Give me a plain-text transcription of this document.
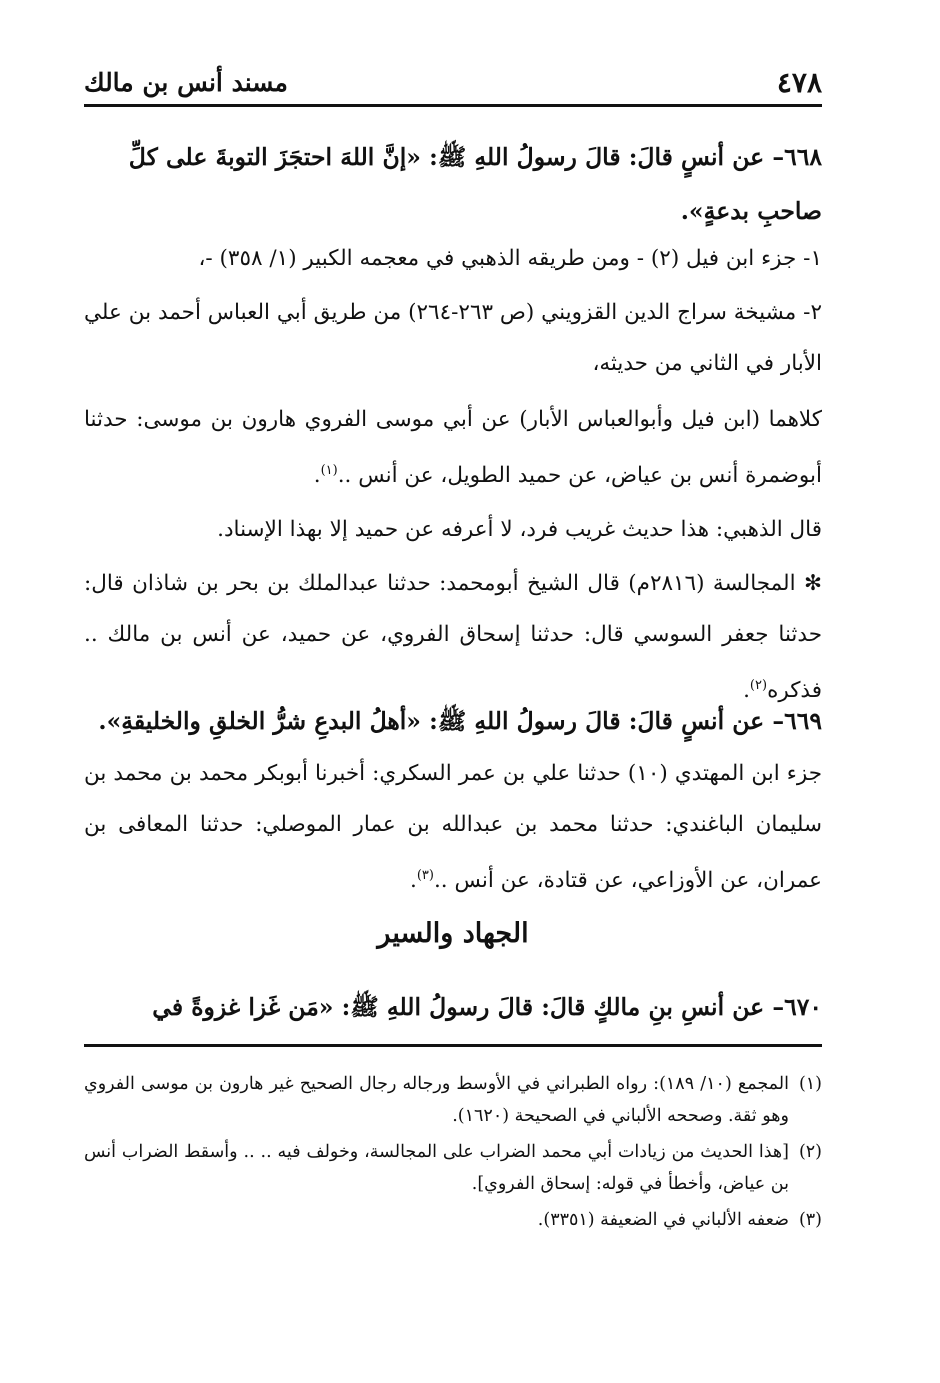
٤٧٨
مسند أنس بن مالك
٦٦٨– عن أنسٍ قالَ: قالَ رسولُ اللهِ ﷺ: «إنَّ اللهَ احتجَزَ التوبةَ على كلِّ صاحبِ بدعةٍ».
١- جزء ابن فيل (٢) - ومن طريقه الذهبي في معجمه الكبير (١/ ٣٥٨) -،
٢- مشيخة سراج الدين القزويني (ص ٢٦٣-٢٦٤) من طريق أبي العباس أحمد بن علي الأبار في الثاني من حديثه،
كلاهما (ابن فيل وأبوالعباس الأبار) عن أبي موسى الفروي هارون بن موسى: حدثنا أبوضمرة أنس بن عياض، عن حميد الطويل، عن أنس ..$^{(١)}$.
قال الذهبي: هذا حديث غريب فرد، لا أعرفه عن حميد إلا بهذا الإسناد.
✻ المجالسة (٢٨١٦م) قال الشيخ أبومحمد: حدثنا عبدالملك بن بحر بن شاذان قال: حدثنا جعفر السوسي قال: حدثنا إسحاق الفروي، عن حميد، عن أنس بن مالك .. فذكره$^{(٢)}$.
٦٦٩– عن أنسٍ قالَ: قالَ رسولُ اللهِ ﷺ: «أهلُ البدعِ شرُّ الخلقِ والخليقةِ».
جزء ابن المهتدي (١٠) حدثنا علي بن عمر السكري: أخبرنا أبوبكر محمد بن محمد بن سليمان الباغندي: حدثنا محمد بن عبدالله بن عمار الموصلي: حدثنا المعافى بن عمران، عن الأوزاعي، عن قتادة، عن أنس ..$^{(٣)}$.
الجهاد والسير
٦٧٠– عن أنسِ بنِ مالكٍ قالَ: قالَ رسولُ اللهِ ﷺ: «مَن غَزا غزوةً في
(١)
المجمع (١٠/ ١٨٩): رواه الطبراني في الأوسط ورجاله رجال الصحيح غير هارون بن موسى الفروي وهو ثقة. وصححه الألباني في الصحيحة (١٦٢٠).
(٢)
[هذا الحديث من زيادات أبي محمد الضراب على المجالسة، وخولف فيه .. .. وأسقط الضراب أنس بن عياض، وأخطأ في قوله: إسحاق الفروي].
(٣)
ضعفه الألباني في الضعيفة (٣٣٥١).
